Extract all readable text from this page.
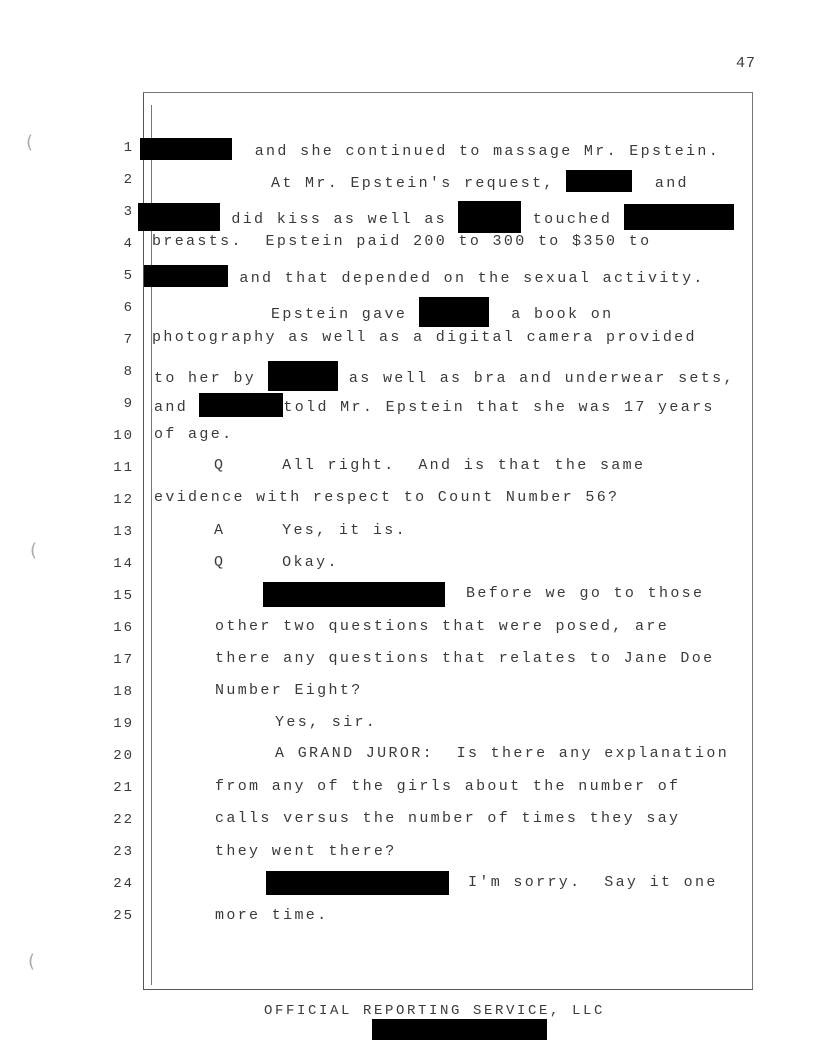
47
(
(
(
1
2
3
4
5
6
7
8
9
10
11
12
13
14
15
16
17
18
19
20
21
22
23
24
25
and she continued to massage Mr. Epstein.
At Mr. Epstein's request,	and
did kiss as well as	touched
breasts.  Epstein paid 200 to 300 to $350 to
and that depended on the sexual activity.
Epstein gave	a book on
photography as well as a digital camera provided
to her by	as well as bra and underwear sets,
and	told Mr. Epstein that she was 17 years
of age.
Q     All right.  And is that the same
evidence with respect to Count Number 56?
A     Yes, it is.
Q     Okay.
Before we go to those
other two questions that were posed, are
there any questions that relates to Jane Doe
Number Eight?
Yes, sir.
A GRAND JUROR:  Is there any explanation
from any of the girls about the number of
calls versus the number of times they say
they went there?
I'm sorry.  Say it one
more time.
OFFICIAL REPORTING SERVICE, LLC
